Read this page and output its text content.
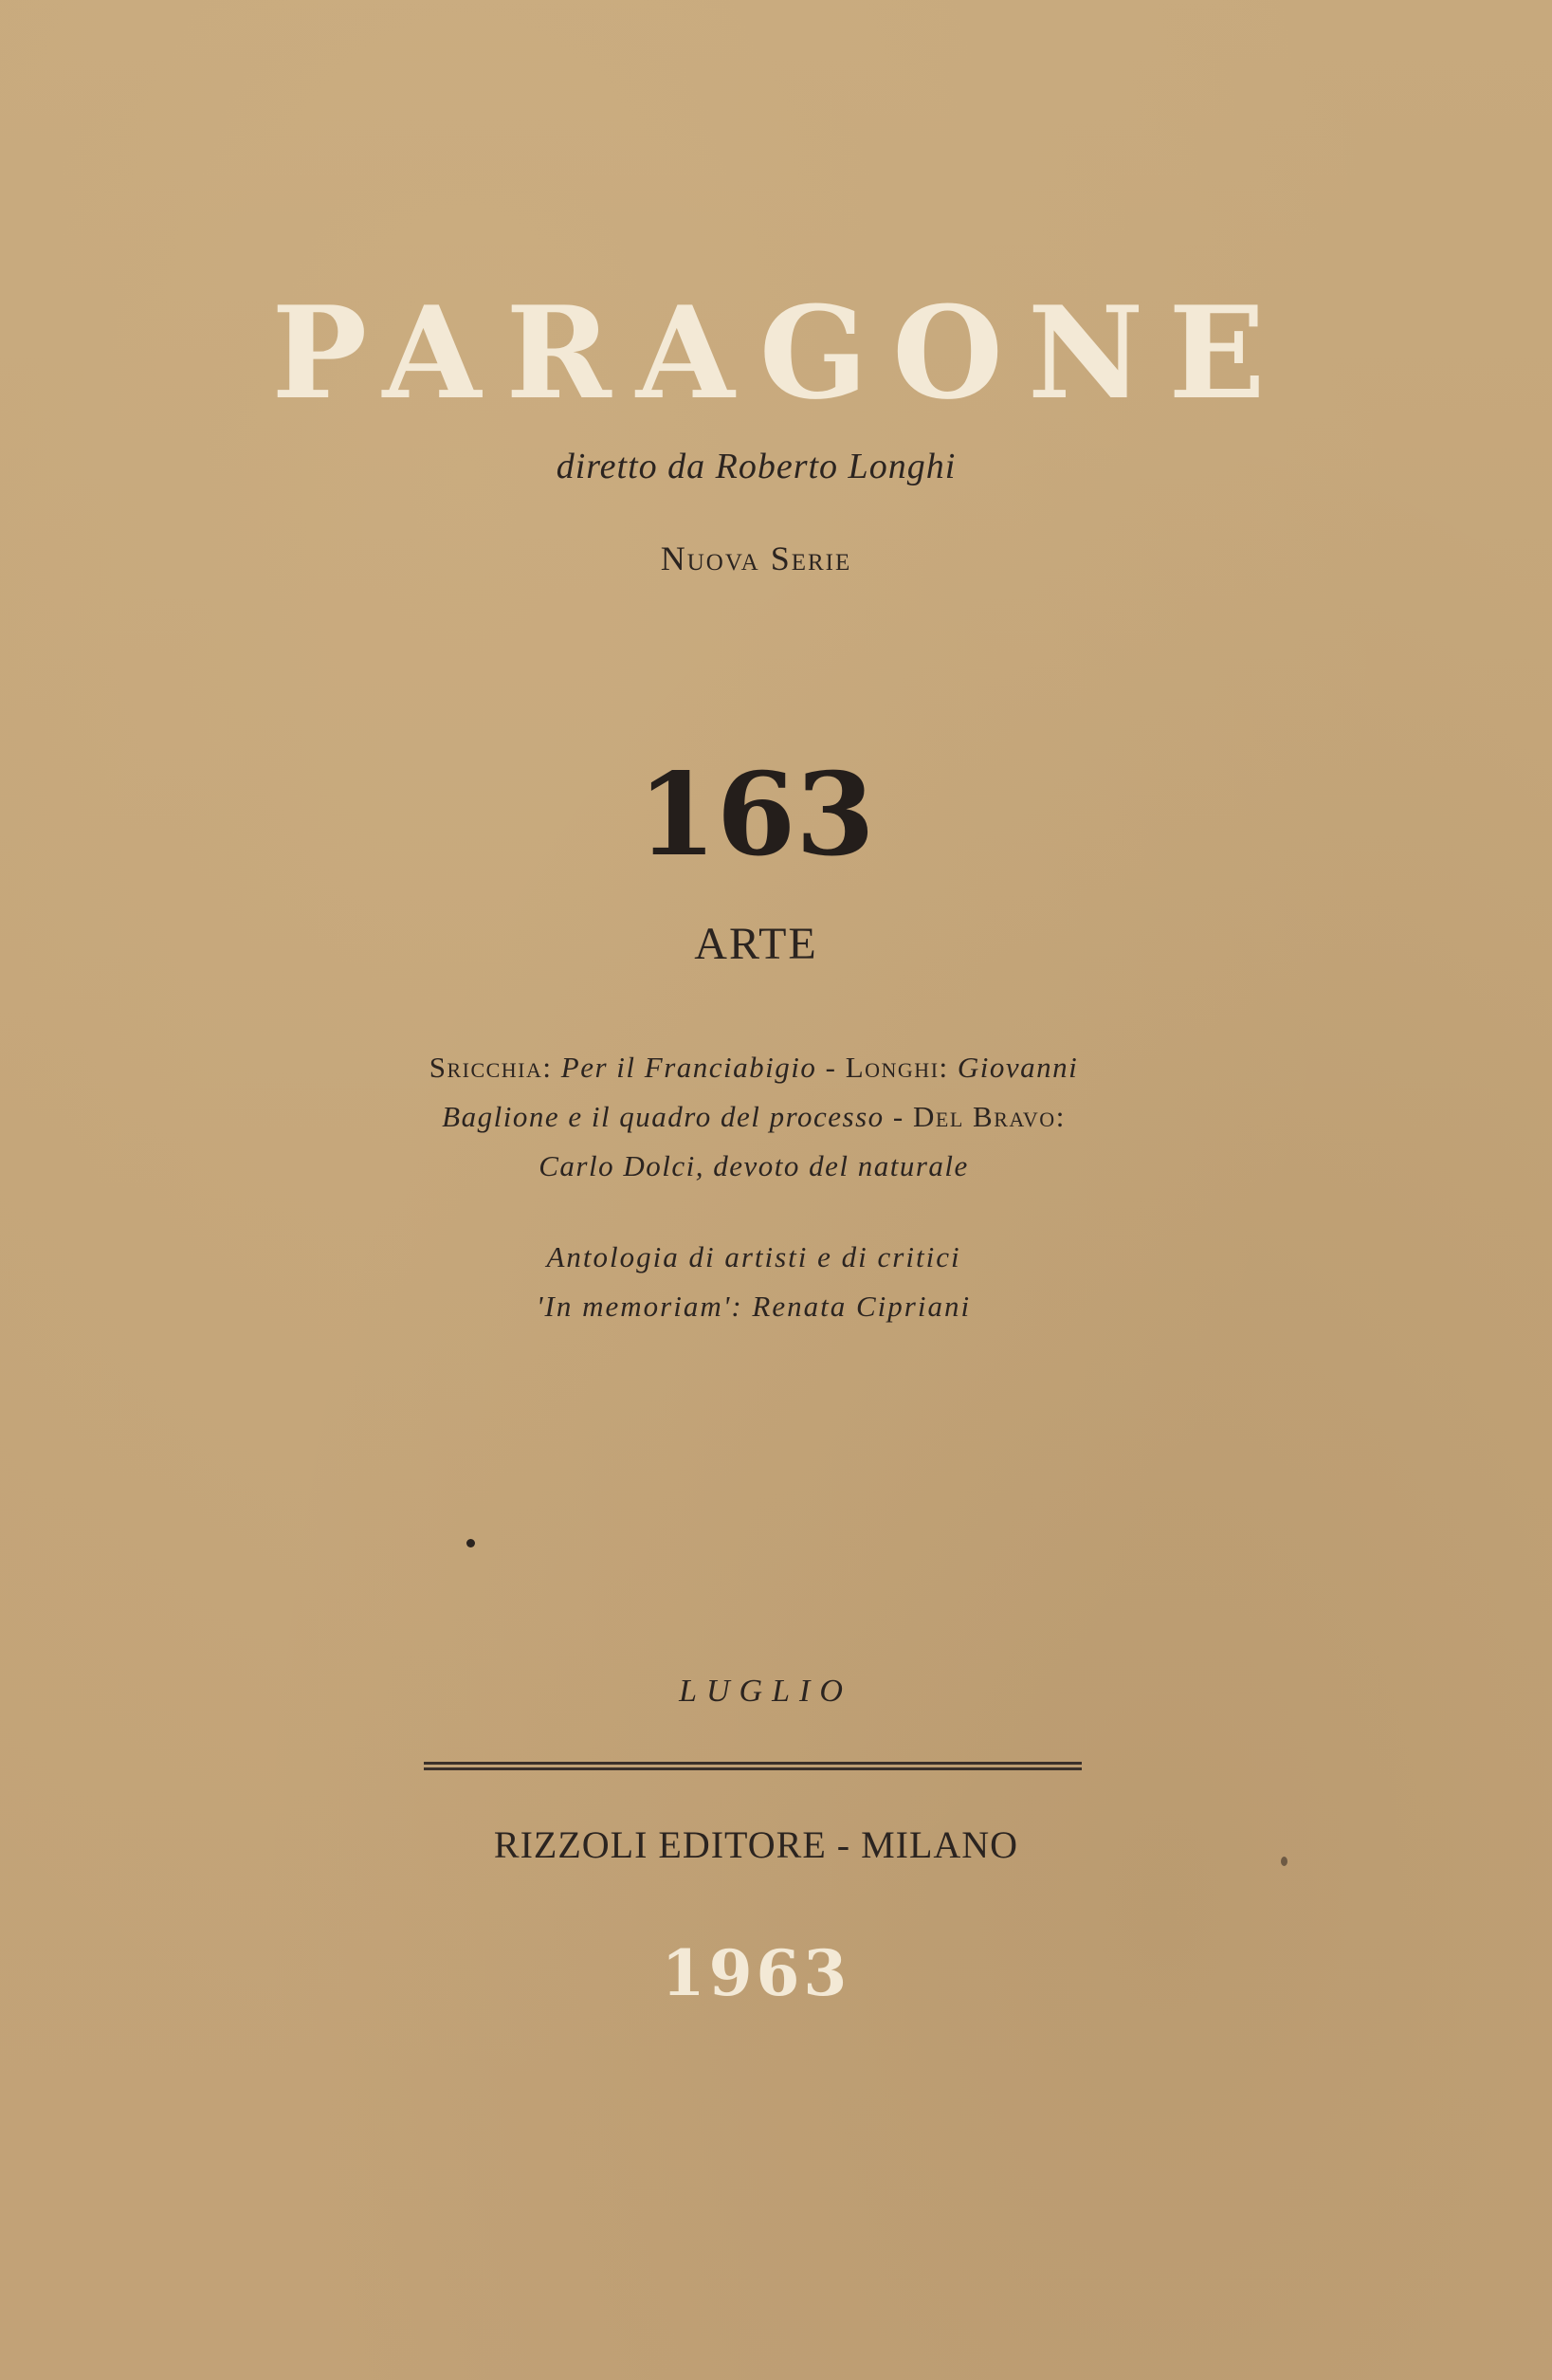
PARAGONE
diretto da Roberto Longhi
Nuova Serie
163
ARTE
Sricchia: Per il Franciabigio - Longhi: Giovanni
Baglione e il quadro del processo - Del Bravo:
Carlo Dolci, devoto del naturale
Antologia di artisti e di critici
'In memoriam': Renata Cipriani
LUGLIO
RIZZOLI EDITORE - MILANO
1963
